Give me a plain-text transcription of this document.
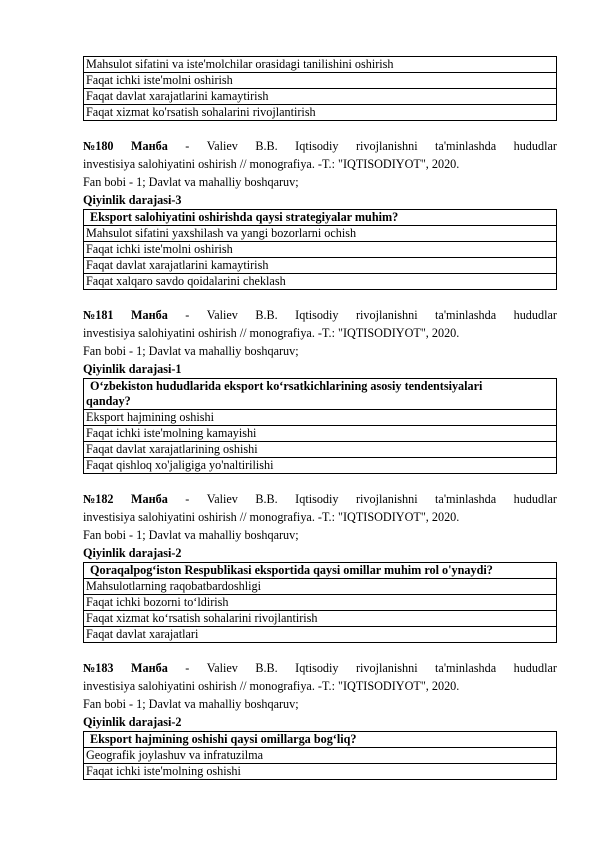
Mahsulot sifatini va iste'molchilar orasidagi tanilishini oshirish
Faqat ichki iste'molni oshirish
Faqat davlat xarajatlarini kamaytirish
Faqat xizmat ko'rsatish sohalarini rivojlantirish
№180 Манба - Valiev B.B. Iqtisodiy rivojlanishni ta'minlashda hududlar
investisiya salohiyatini oshirish // monografiya. -T.: "IQTISODIYOT", 2020.
Fan bobi - 1; Davlat va mahalliy boshqaruv;
Qiyinlik darajasi-3
Eksport salohiyatini oshirishda qaysi strategiyalar muhim?
Mahsulot sifatini yaxshilash va yangi bozorlarni ochish
Faqat ichki iste'molni oshirish
Faqat davlat xarajatlarini kamaytirish
Faqat xalqaro savdo qoidalarini cheklash
№181 Манба - Valiev B.B. Iqtisodiy rivojlanishni ta'minlashda hududlar
investisiya salohiyatini oshirish // monografiya. -T.: "IQTISODIYOT", 2020.
Fan bobi - 1; Davlat va mahalliy boshqaruv;
Qiyinlik darajasi-1
O‘zbekiston hududlarida eksport ko‘rsatkichlarining asosiy tendentsiyalari
qanday?

Eksport hajmining oshishi
Faqat ichki iste'molning kamayishi
Faqat davlat xarajatlarining oshishi
Faqat qishloq xo'jaligiga yo'naltirilishi
№182 Манба - Valiev B.B. Iqtisodiy rivojlanishni ta'minlashda hududlar
investisiya salohiyatini oshirish // monografiya. -T.: "IQTISODIYOT", 2020.
Fan bobi - 1; Davlat va mahalliy boshqaruv;
Qiyinlik darajasi-2
Qoraqalpog‘iston Respublikasi eksportida qaysi omillar muhim rol o'ynaydi?
Mahsulotlarning raqobatbardoshligi
Faqat ichki bozorni to‘ldirish
Faqat xizmat ko‘rsatish sohalarini rivojlantirish
Faqat davlat xarajatlari
№183 Манба - Valiev B.B. Iqtisodiy rivojlanishni ta'minlashda hududlar
investisiya salohiyatini oshirish // monografiya. -T.: "IQTISODIYOT", 2020.
Fan bobi - 1; Davlat va mahalliy boshqaruv;
Qiyinlik darajasi-2
Eksport hajmining oshishi qaysi omillarga bog‘liq?
Geografik joylashuv va infratuzilma
Faqat ichki iste'molning oshishi
